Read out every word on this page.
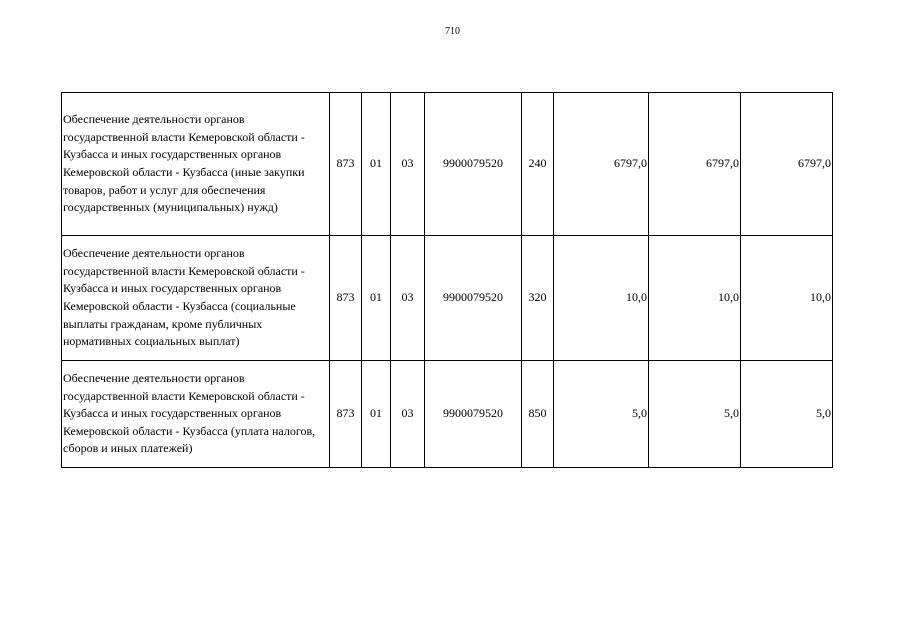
710
Обеспечение деятельности органов государственной власти Кемеровской области - Кузбасса и иных государственных органов Кемеровской области - Кузбасса (иные закупки товаров, работ и услуг для обеспечения государственных (муниципальных) нужд)	873	01	03	9900079520	240	6797,0	6797,0	6797,0
Обеспечение деятельности органов государственной власти Кемеровской области - Кузбасса и иных государственных органов Кемеровской области - Кузбасса (социальные выплаты гражданам, кроме публичных нормативных социальных выплат)	873	01	03	9900079520	320	10,0	10,0	10,0
Обеспечение деятельности органов государственной власти Кемеровской области - Кузбасса и иных государственных органов Кемеровской области - Кузбасса (уплата налогов, сборов и иных платежей)	873	01	03	9900079520	850	5,0	5,0	5,0
